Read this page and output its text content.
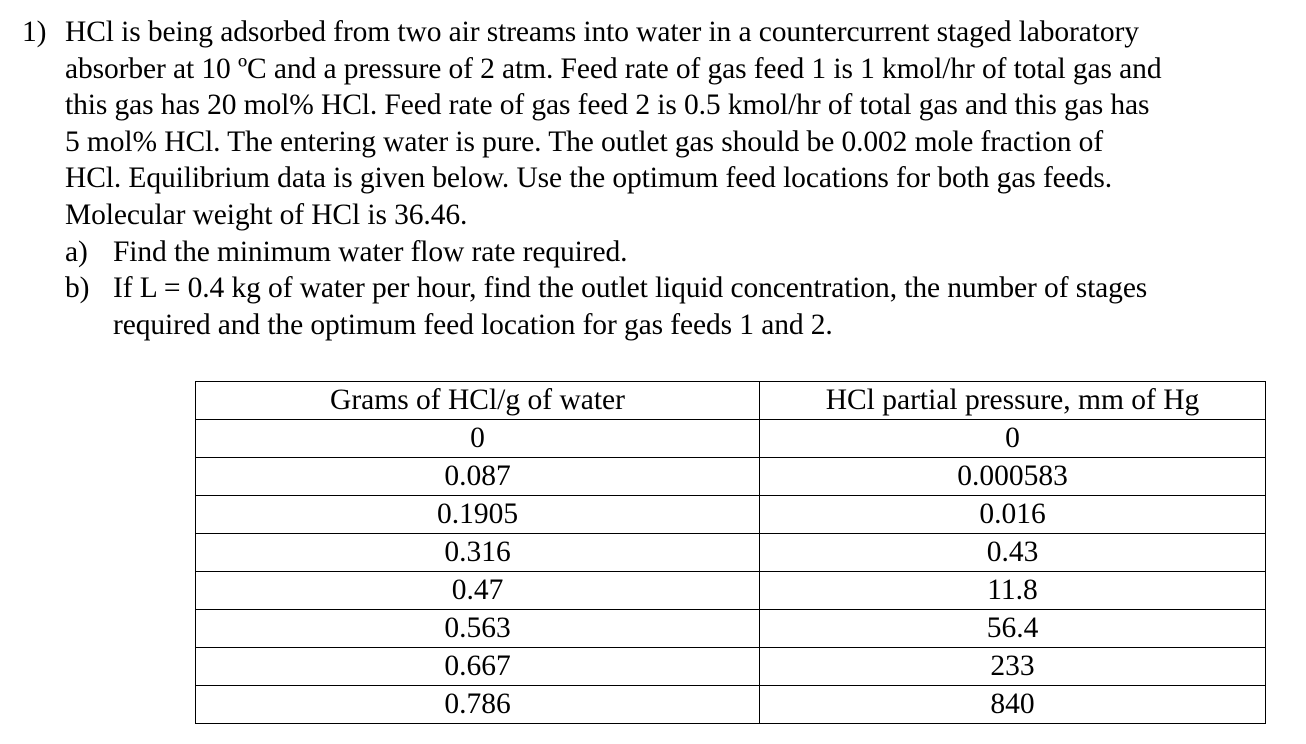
1) HCl is being adsorbed from two air streams into water in a countercurrent staged laboratory
absorber at 10 ºC and a pressure of 2 atm. Feed rate of gas feed 1 is 1 kmol/hr of total gas and
this gas has 20 mol% HCl. Feed rate of gas feed 2 is 0.5 kmol/hr of total gas and this gas has
5 mol% HCl. The entering water is pure. The outlet gas should be 0.002 mole fraction of
HCl. Equilibrium data is given below. Use the optimum feed locations for both gas feeds.
Molecular weight of HCl is 36.46.
a) Find the minimum water flow rate required.
b) If L = 0.4 kg of water per hour, find the outlet liquid concentration, the number of stages
required and the optimum feed location for gas feeds 1 and 2.
Grams of HCl/g of water	HCl partial pressure, mm of Hg
0	0
0.087	0.000583
0.1905	0.016
0.316	0.43
0.47	11.8
0.563	56.4
0.667	233
0.786	840
